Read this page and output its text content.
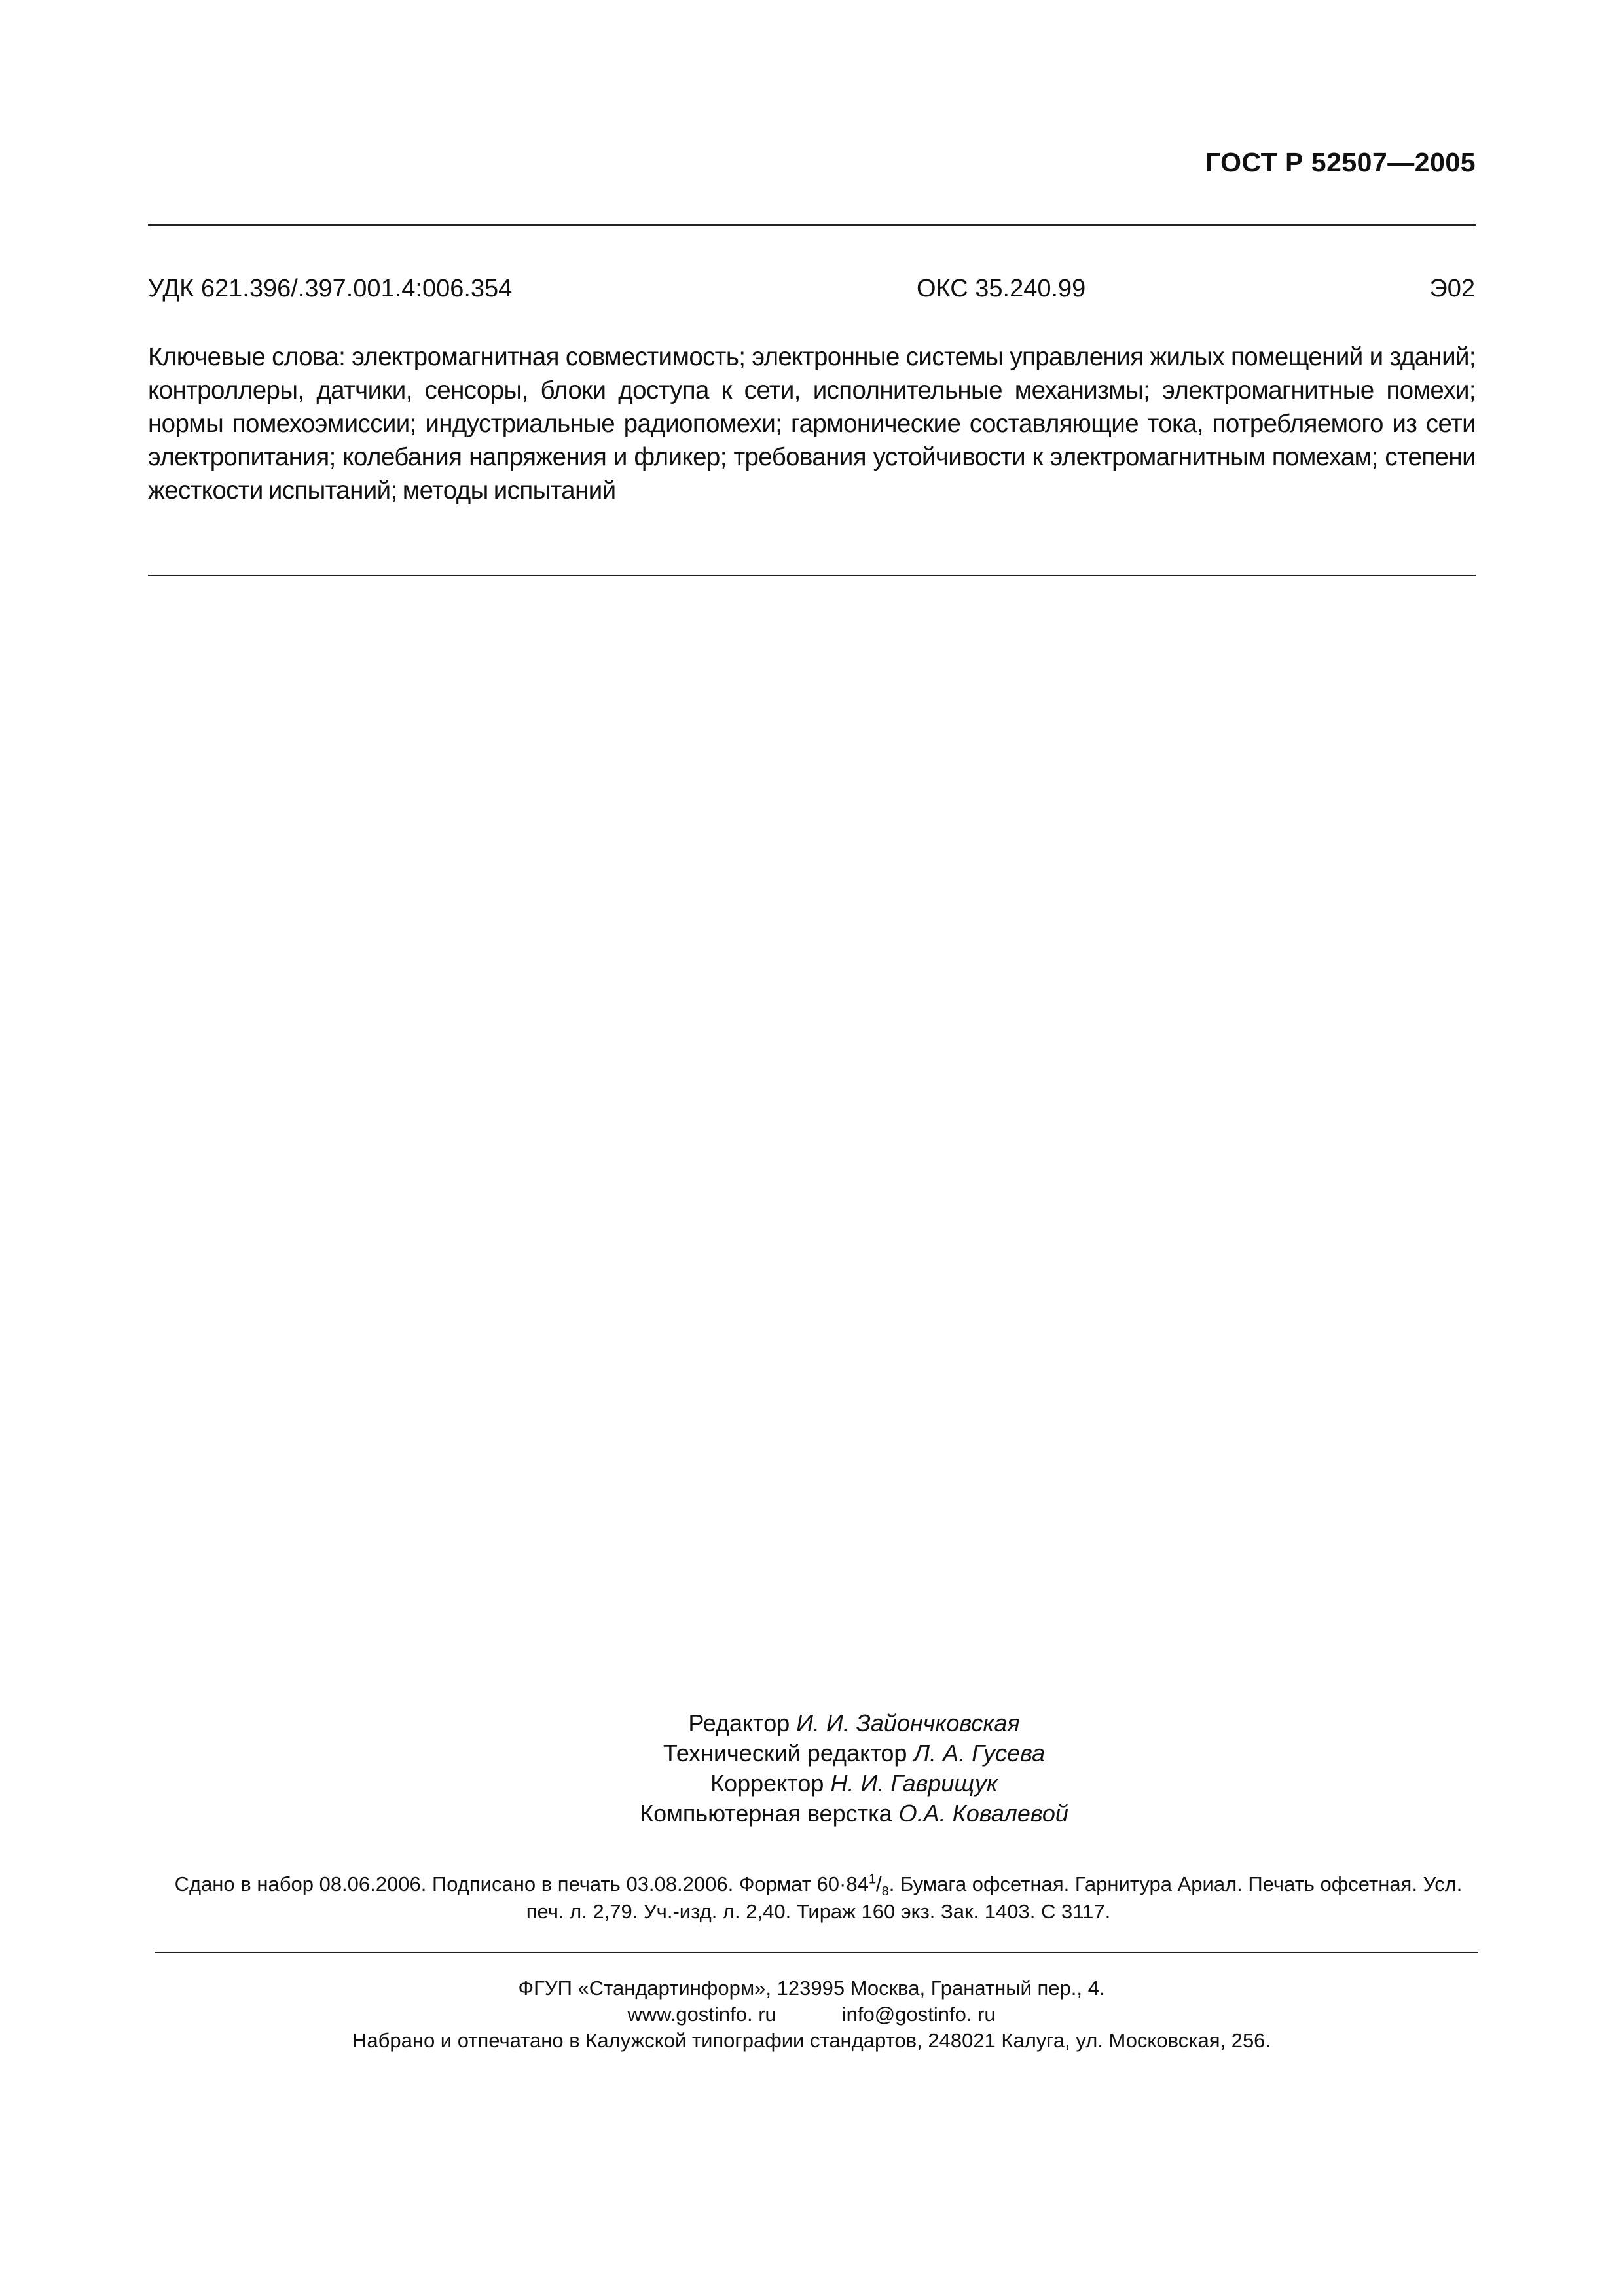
ГОСТ Р 52507—2005
УДК 621.396/.397.001.4:006.354	ОКС 35.240.99	Э02
Ключевые слова: электромагнитная совместимость; электронные системы управления жилых помещений и зданий; контроллеры, датчики, сенсоры, блоки доступа к сети, исполнительные механизмы; электромагнитные помехи; нормы помехоэмиссии; индустриальные радиопомехи; гармонические составляющие тока, потребляемого из сети электропитания; колебания напряжения и фликер; требования устойчивости к электромагнитным помехам; степени жесткости испытаний; методы испытаний
Редактор И. И. Зайончковская
Технический редактор Л. А. Гусева
Корректор Н. И. Гаврищук
Компьютерная верстка О.А. Ковалевой
Сдано в набор 08.06.2006. Подписано в печать 03.08.2006. Формат $60\cdot 84^1/_8$. Бумага офсетная. Гарнитура Ариал. Печать офсетная. Усл. печ. л. 2,79. Уч.-изд. л. 2,40. Тираж 160 экз. Зак. 1403. С 3117.
ФГУП «Стандартинформ», 123995 Москва, Гранатный пер., 4.
www.gostinfo. ru	info@gostinfo. ru
Набрано и отпечатано в Калужской типографии стандартов, 248021 Калуга, ул. Московская, 256.
